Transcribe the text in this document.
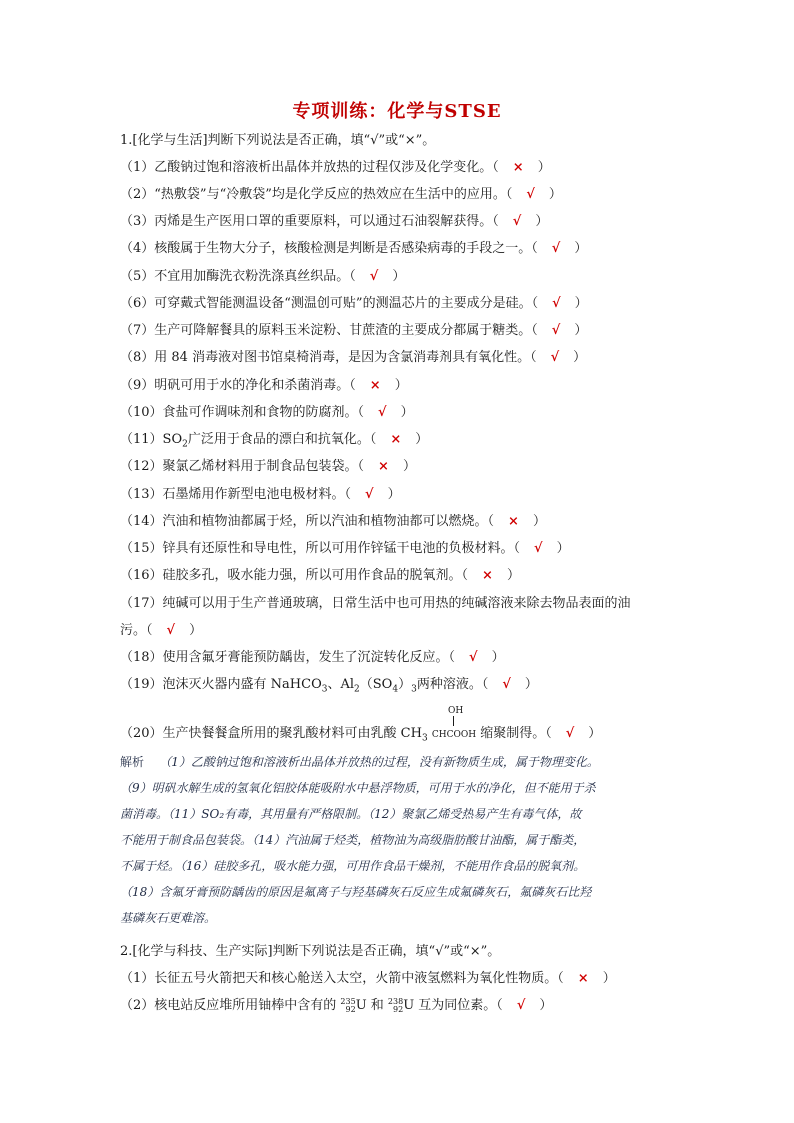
专项训练：化学与STSE
1.[化学与生活]判断下列说法是否正确，填“√”或“×”。
（1）乙酸钠过饱和溶液析出晶体并放热的过程仅涉及化学变化。（ × ）
（2）“热敷袋”与“冷敷袋”均是化学反应的热效应在生活中的应用。（ √ ）
（3）丙烯是生产医用口罩的重要原料，可以通过石油裂解获得。（ √ ）
（4）核酸属于生物大分子，核酸检测是判断是否感染病毒的手段之一。（ √ ）
（5）不宜用加酶洗衣粉洗涤真丝织品。（ √ ）
（6）可穿戴式智能测温设备“测温创可贴”的测温芯片的主要成分是硅。（ √ ）
（7）生产可降解餐具的原料玉米淀粉、甘蔗渣的主要成分都属于糖类。（ √ ）
（8）用 84 消毒液对图书馆桌椅消毒，是因为含氯消毒剂具有氧化性。（ √ ）
（9）明矾可用于水的净化和杀菌消毒。（ × ）
（10）食盐可作调味剂和食物的防腐剂。（ √ ）
$(11)SO_2$广泛用于食品的漂白和抗氧化。（ × ）
（12）聚氯乙烯材料用于制食品包装袋。（ × ）
（13）石墨烯用作新型电池电极材料。（ √ ）
（14）汽油和植物油都属于烃，所以汽油和植物油都可以燃烧。（ × ）
（15）锌具有还原性和导电性，所以可用作锌锰干电池的负极材料。（ √ ）
（16）硅胶多孔，吸水能力强，所以可用作食品的脱氧剂。（ × ）
（17）纯碱可以用于生产普通玻璃，日常生活中也可用热的纯碱溶液来除去物品表面的油
污。（ √ ）
（18）使用含氟牙膏能预防龋齿，发生了沉淀转化反应。（ √ ）
（19）泡沫灭火器内盛有 NaHCO$_3$、$Al_2(SO_4)_3$两种溶液。（ √ ）
OH
（20）生产快餐餐盒所用的聚乳酸材料可由乳酸 $CH_3$ CHCOOH 缩聚制得。（ √ ）
解析 （1）乙酸钠过饱和溶液析出晶体并放热的过程，没有新物质生成，属于物理变化。
（9）明矾水解生成的氢氧化铝胶体能吸附水中悬浮物质，可用于水的净化，但不能用于杀
菌消毒。（11）SO₂有毒，其用量有严格限制。（12）聚氯乙烯受热易产生有毒气体，故
不能用于制食品包装袋。（14）汽油属于烃类，植物油为高级脂肪酸甘油酯，属于酯类，
不属于烃。（16）硅胶多孔，吸水能力强，可用作食品干燥剂，不能用作食品的脱氧剂。
（18）含氟牙膏预防龋齿的原因是氟离子与羟基磷灰石反应生成氟磷灰石，氟磷灰石比羟
基磷灰石更难溶。
2.[化学与科技、生产实际]判断下列说法是否正确，填“√”或“×”。
（1）长征五号火箭把天和核心舱送入太空，火箭中液氢燃料为氧化性物质。（ × ）
（2）核电站反应堆所用铀棒中含有的 235
92 U 和 238
92 U 互为同位素。（ √ ）
